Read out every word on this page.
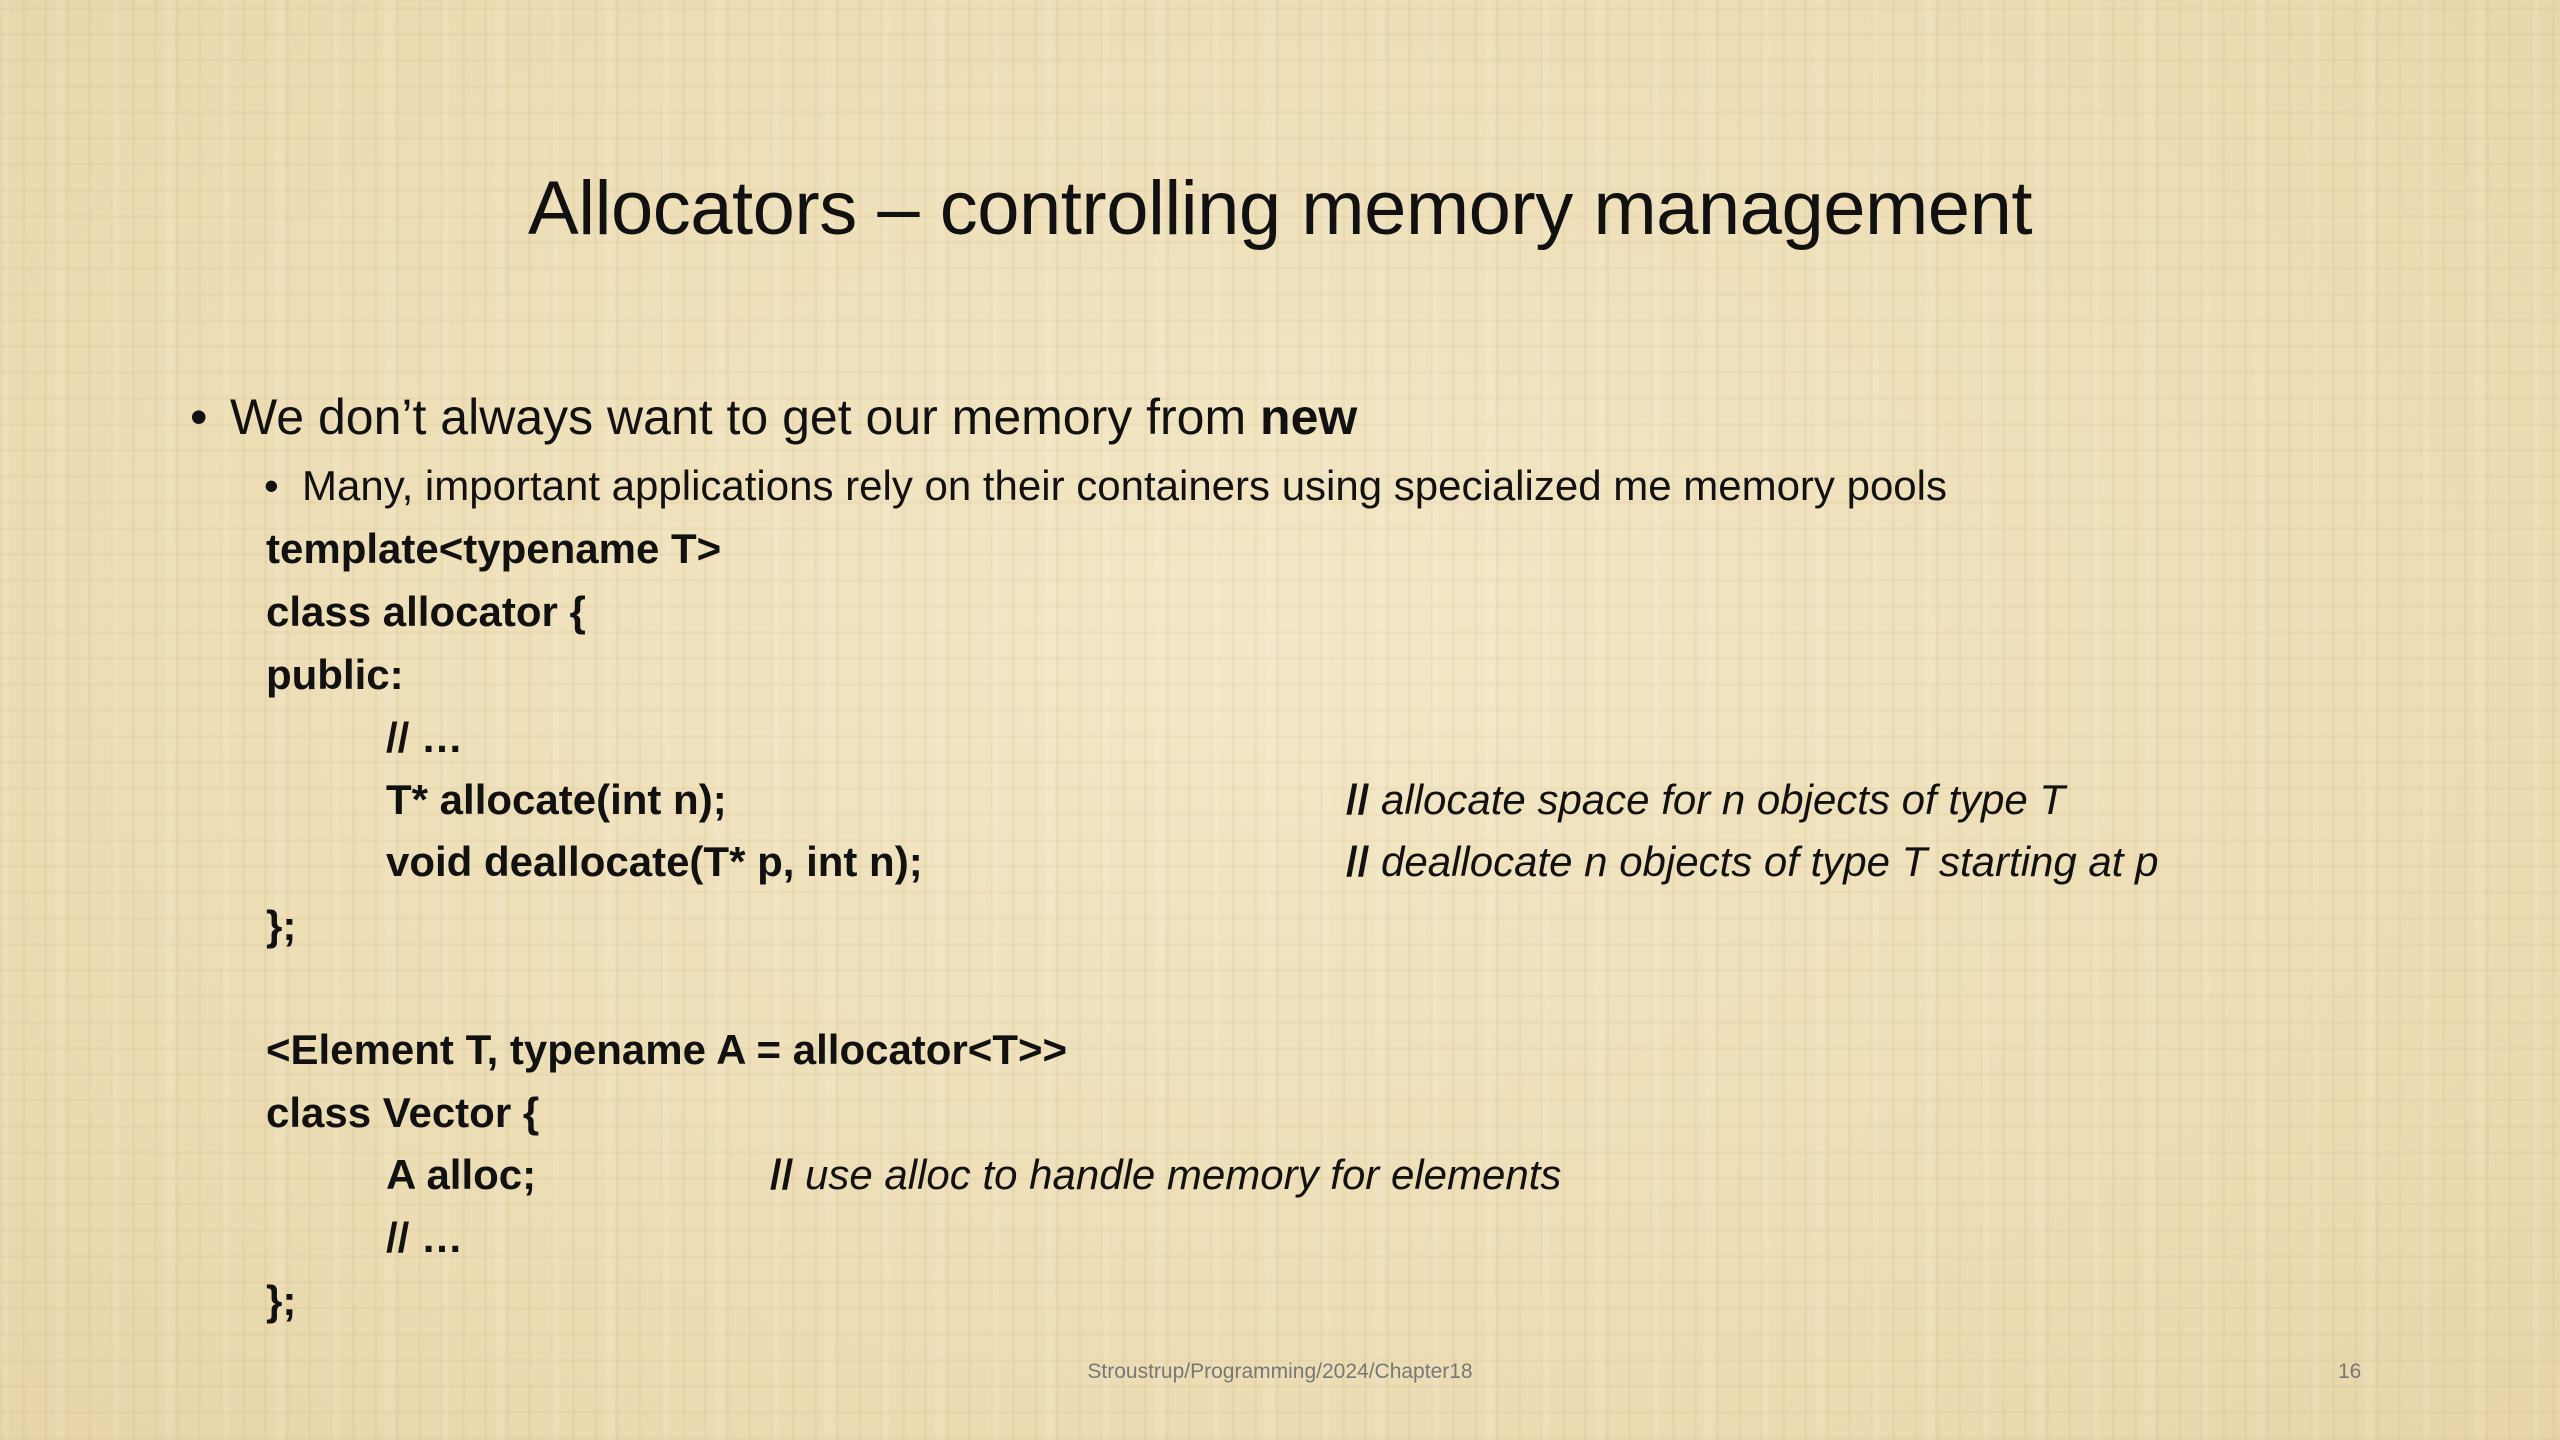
Allocators – controlling memory management
• We don’t always want to get our memory from new
• Many, important applications rely on their containers using specialized me memory pools
template<typename T>
class allocator {
public:
// …
T* allocate(int n);	// allocate space for n objects of type T
void deallocate(T* p, int n);	// deallocate n objects of type T starting at p
};
<Element T, typename A = allocator<T>>
class Vector {
A alloc;	// use alloc to handle memory for elements
// …
};
Stroustrup/Programming/2024/Chapter18	16
